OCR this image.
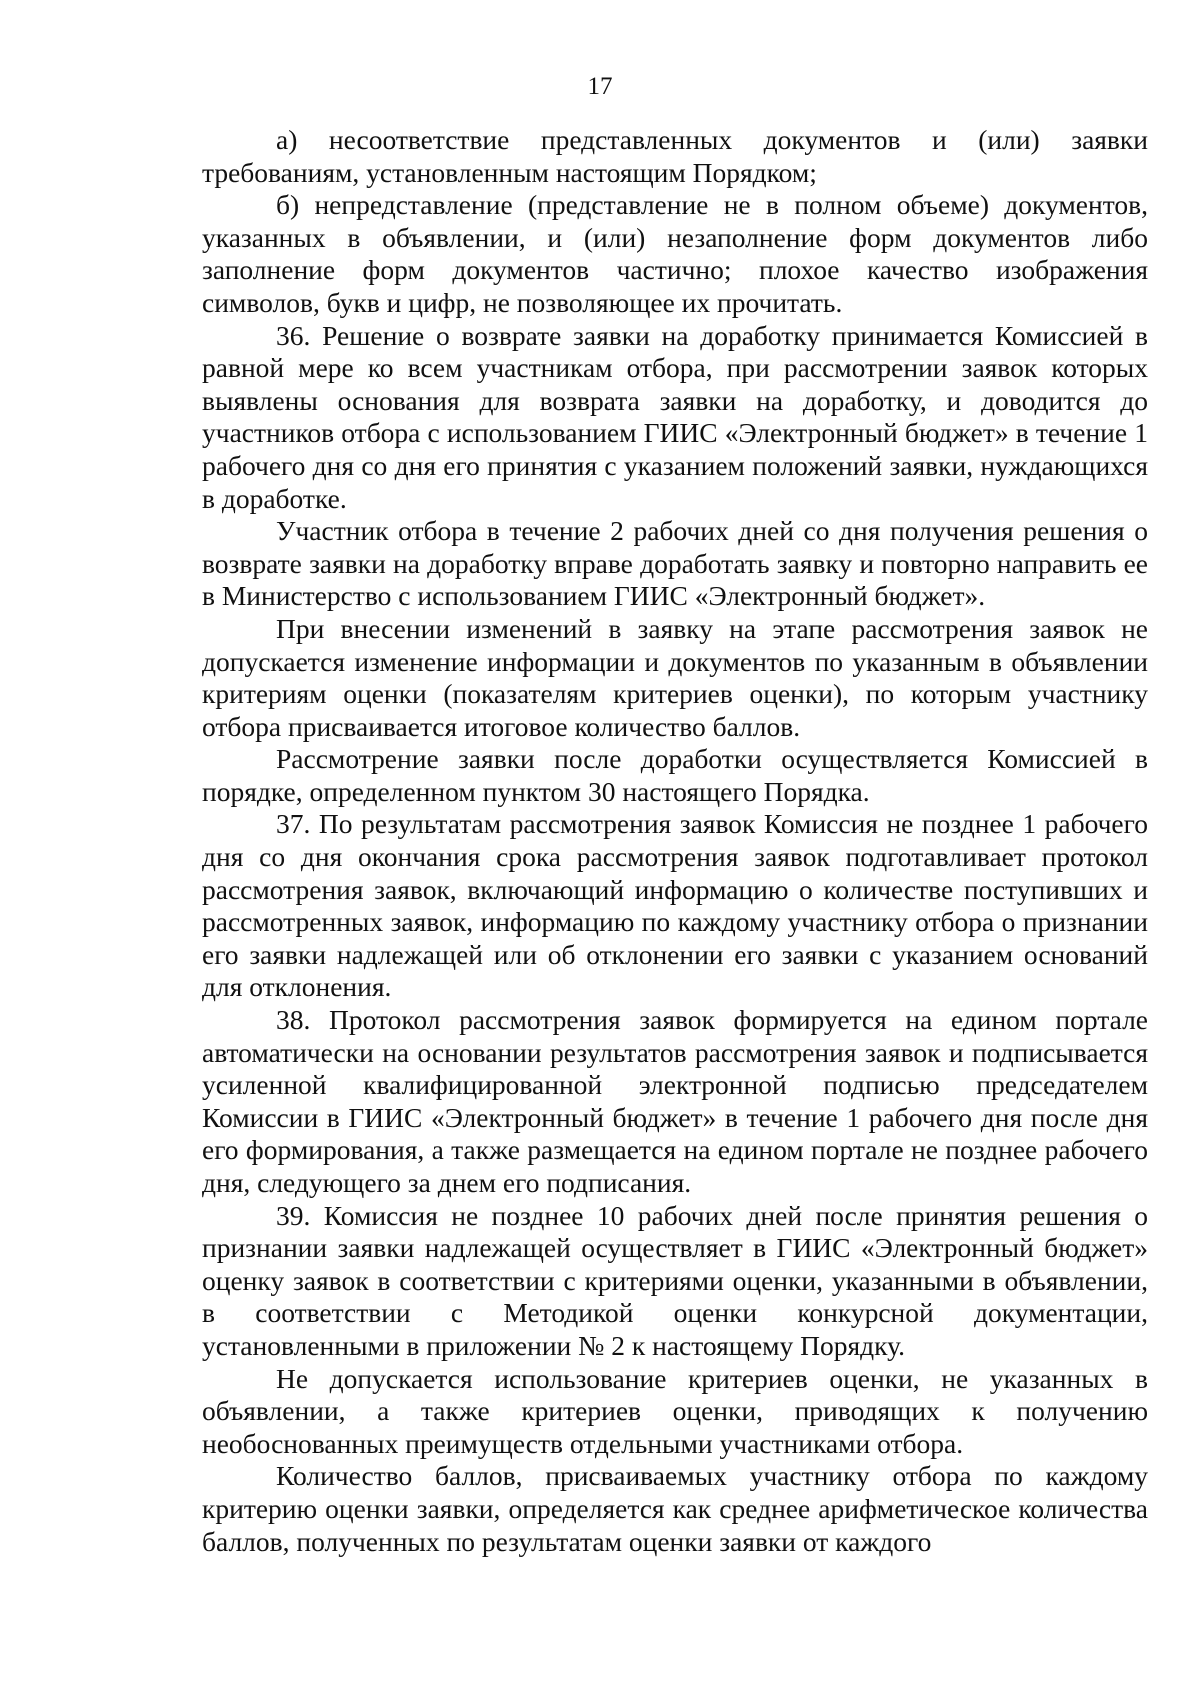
17

а) несоответствие представленных документов и (или) заявки требованиям, установленным настоящим Порядком;

б) непредставление (представление не в полном объеме) документов, указанных в объявлении, и (или) незаполнение форм документов либо заполнение форм документов частично; плохое качество изображения символов, букв и цифр, не позволяющее их прочитать.

36. Решение о возврате заявки на доработку принимается Комиссией в равной мере ко всем участникам отбора, при рассмотрении заявок которых выявлены основания для возврата заявки на доработку, и доводится до участников отбора с использованием ГИИС «Электронный бюджет» в течение 1 рабочего дня со дня его принятия с указанием положений заявки, нуждающихся в доработке.

Участник отбора в течение 2 рабочих дней со дня получения решения о возврате заявки на доработку вправе доработать заявку и повторно направить ее в Министерство с использованием ГИИС «Электронный бюджет».

При внесении изменений в заявку на этапе рассмотрения заявок не допускается изменение информации и документов по указанным в объявлении критериям оценки (показателям критериев оценки), по которым участнику отбора присваивается итоговое количество баллов.

Рассмотрение заявки после доработки осуществляется Комиссией в порядке, определенном пунктом 30 настоящего Порядка.

37. По результатам рассмотрения заявок Комиссия не позднее 1 рабочего дня со дня окончания срока рассмотрения заявок подготавливает протокол рассмотрения заявок, включающий информацию о количестве поступивших и рассмотренных заявок, информацию по каждому участнику отбора о признании его заявки надлежащей или об отклонении его заявки с указанием оснований для отклонения.

38. Протокол рассмотрения заявок формируется на едином портале автоматически на основании результатов рассмотрения заявок и подписывается усиленной квалифицированной электронной подписью председателем Комиссии в ГИИС «Электронный бюджет» в течение 1 рабочего дня после дня его формирования, а также размещается на едином портале не позднее рабочего дня, следующего за днем его подписания.

39. Комиссия не позднее 10 рабочих дней после принятия решения о признании заявки надлежащей осуществляет в ГИИС «Электронный бюджет» оценку заявок в соответствии с критериями оценки, указанными в объявлении, в соответствии с Методикой оценки конкурсной документации, установленными в приложении № 2 к настоящему Порядку.

Не допускается использование критериев оценки, не указанных в объявлении, а также критериев оценки, приводящих к получению необоснованных преимуществ отдельными участниками отбора.

Количество баллов, присваиваемых участнику отбора по каждому критерию оценки заявки, определяется как среднее арифметическое количества баллов, полученных по результатам оценки заявки от каждого
